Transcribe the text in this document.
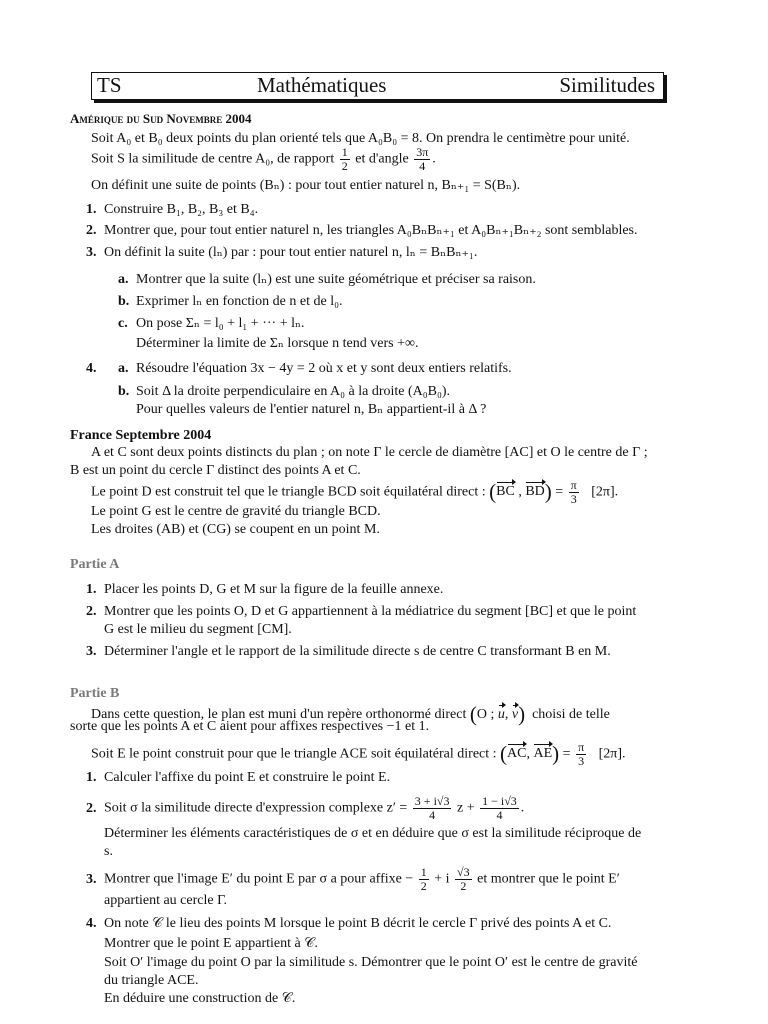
TS	Mathématiques	Similitudes
Amérique du Sud Novembre 2004
Soit A₀ et B₀ deux points du plan orienté tels que A₀B₀ = 8. On prendra le centimètre pour unité.
Soit S la similitude de centre A₀, de rapport $\frac{1}{2}$ et d'angle $\frac{3\pi}{4}$ .
On définit une suite de points (Bₙ) : pour tout entier naturel n, Bₙ₊₁ = S(Bₙ).
1. Construire B₁, B₂, B₃ et B₄.
2. Montrer que, pour tout entier naturel n, les triangles A₀BₙBₙ₊₁ et A₀Bₙ₊₁Bₙ₊₂ sont semblables.
3. On définit la suite (lₙ) par : pour tout entier naturel n, lₙ = BₙBₙ₊₁.
a. Montrer que la suite (lₙ) est une suite géométrique et préciser sa raison.
b. Exprimer lₙ en fonction de n et de l₀.
c. On pose Σₙ = l₀ + l₁ + ··· + lₙ.
Déterminer la limite de Σₙ lorsque n tend vers +∞.
4. a. Résoudre l'équation 3x − 4y = 2 où x et y sont deux entiers relatifs.
b. Soit Δ la droite perpendiculaire en A₀ à la droite (A₀B₀).
Pour quelles valeurs de l'entier naturel n, Bₙ appartient-il à Δ ?
France Septembre 2004
A et C sont deux points distincts du plan ; on note Γ le cercle de diamètre [AC] et O le centre de Γ ;
B est un point du cercle Γ distinct des points A et C.
Le point D est construit tel que le triangle BCD soit équilatéral direct : (BC , $BD) = \frac{\pi}{3} [2\pi]$.
Le point G est le centre de gravité du triangle BCD.
Les droites (AB) et (CG) se coupent en un point M.
Partie A
1. Placer les points D, G et M sur la figure de la feuille annexe.
2. Montrer que les points O, D et G appartiennent à la médiatrice du segment [BC] et que le point
G est le milieu du segment [CM].
3. Déterminer l'angle et le rapport de la similitude directe s de centre C transformant B en M.
Partie B
Dans cette question, le plan est muni d'un repère orthonormé direct (O ; u, v) choisi de telle
sorte que les points A et C aient pour affixes respectives −1 et 1.
Soit E le point construit pour que le triangle ACE soit équilatéral direct : (AC, $AE) = \frac{\pi}{3} [2\pi]$.
1. Calculer l'affixe du point E et construire le point E.
2. Soit σ la similitude directe d'expression complexe $z' = \frac{3 + i√3}{4}$ $z + \frac{1 - i√3}{4}$ .
Déterminer les éléments caractéristiques de σ et en déduire que σ est la similitude réciproque de
s.
3. Montrer que l'image E′ du point E par σ a pour affixe − $\frac{1}{2} + i \frac{√3}{2}$ et montrer que le point E′
appartient au cercle Γ.
4. On note 𝒞 le lieu des points M lorsque le point B décrit le cercle Γ privé des points A et C.
Montrer que le point E appartient à 𝒞.
Soit O′ l'image du point O par la similitude s. Démontrer que le point O′ est le centre de gravité
du triangle ACE.
En déduire une construction de 𝒞.
